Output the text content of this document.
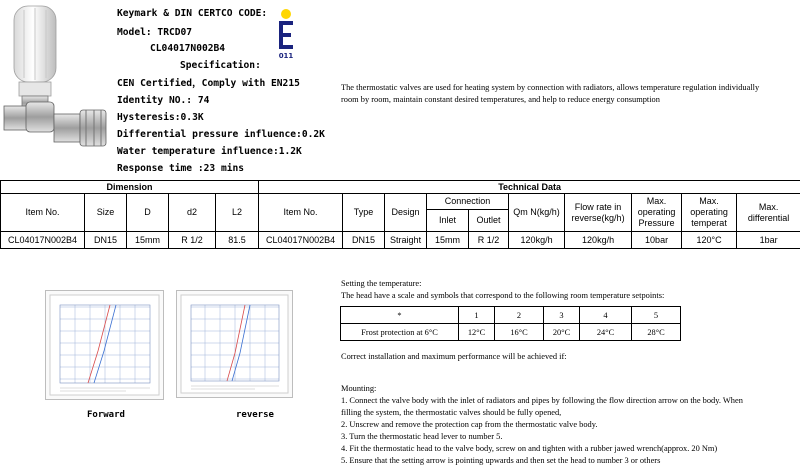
Keymark & DIN CERTCO CODE:
Model: TRCD07
CL04017N002B4
Specification:
CEN Certified，Comply with EN215
Identity NO.: 74
Hysteresis:0.3K
Differential pressure influence:0.2K
Water temperature influence:1.2K
Response time :23 mins
011
The thermostatic valves are used for heating system by connection with radiators, allows temperature regulation individually room by room, maintain constant desired temperatures, and help to reduce energy consumption
Dimension					Technical Data									
Item No.	Size	D	d2	L2	Item No.	Type	Design	Connection		Qm N(kg/h)	Flow rate in reverse(kg/h)	Max. operating Pressure	Max. operating temperat	Max. differential
								Inlet	Outlet					
CL04017N002B4	DN15	15mm	R 1/2	81.5	CL04017N002B4	DN15	Straight	15mm	R 1/2	120kg/h	120kg/h	10bar	120°C	1bar
Forward	reverse
Setting the temperature:
The head have a scale and symbols that correspond to the following room temperature setpoints:
*	1	2	3	4	5
Frost protection at 6°C	12°C	16°C	20°C	24°C	28°C
Correct installation and maximum performance will be achieved if:
Mounting:
1. Connect the valve body with the inlet of radiators and pipes by following the flow direction arrow on the body. When
filling the system, the thermostatic valves should be fully opened,
2. Unscrew and remove the protection cap from the thermostatic valve body.
3. Turn the thermostatic head lever to number 5.
4. Fit the thermostatic head to the valve body, screw on and tighten with a rubber jawed wrench(approx. 20 Nm)
5. Ensure that the setting arrow is pointing upwards and then set the head to number 3 or others
